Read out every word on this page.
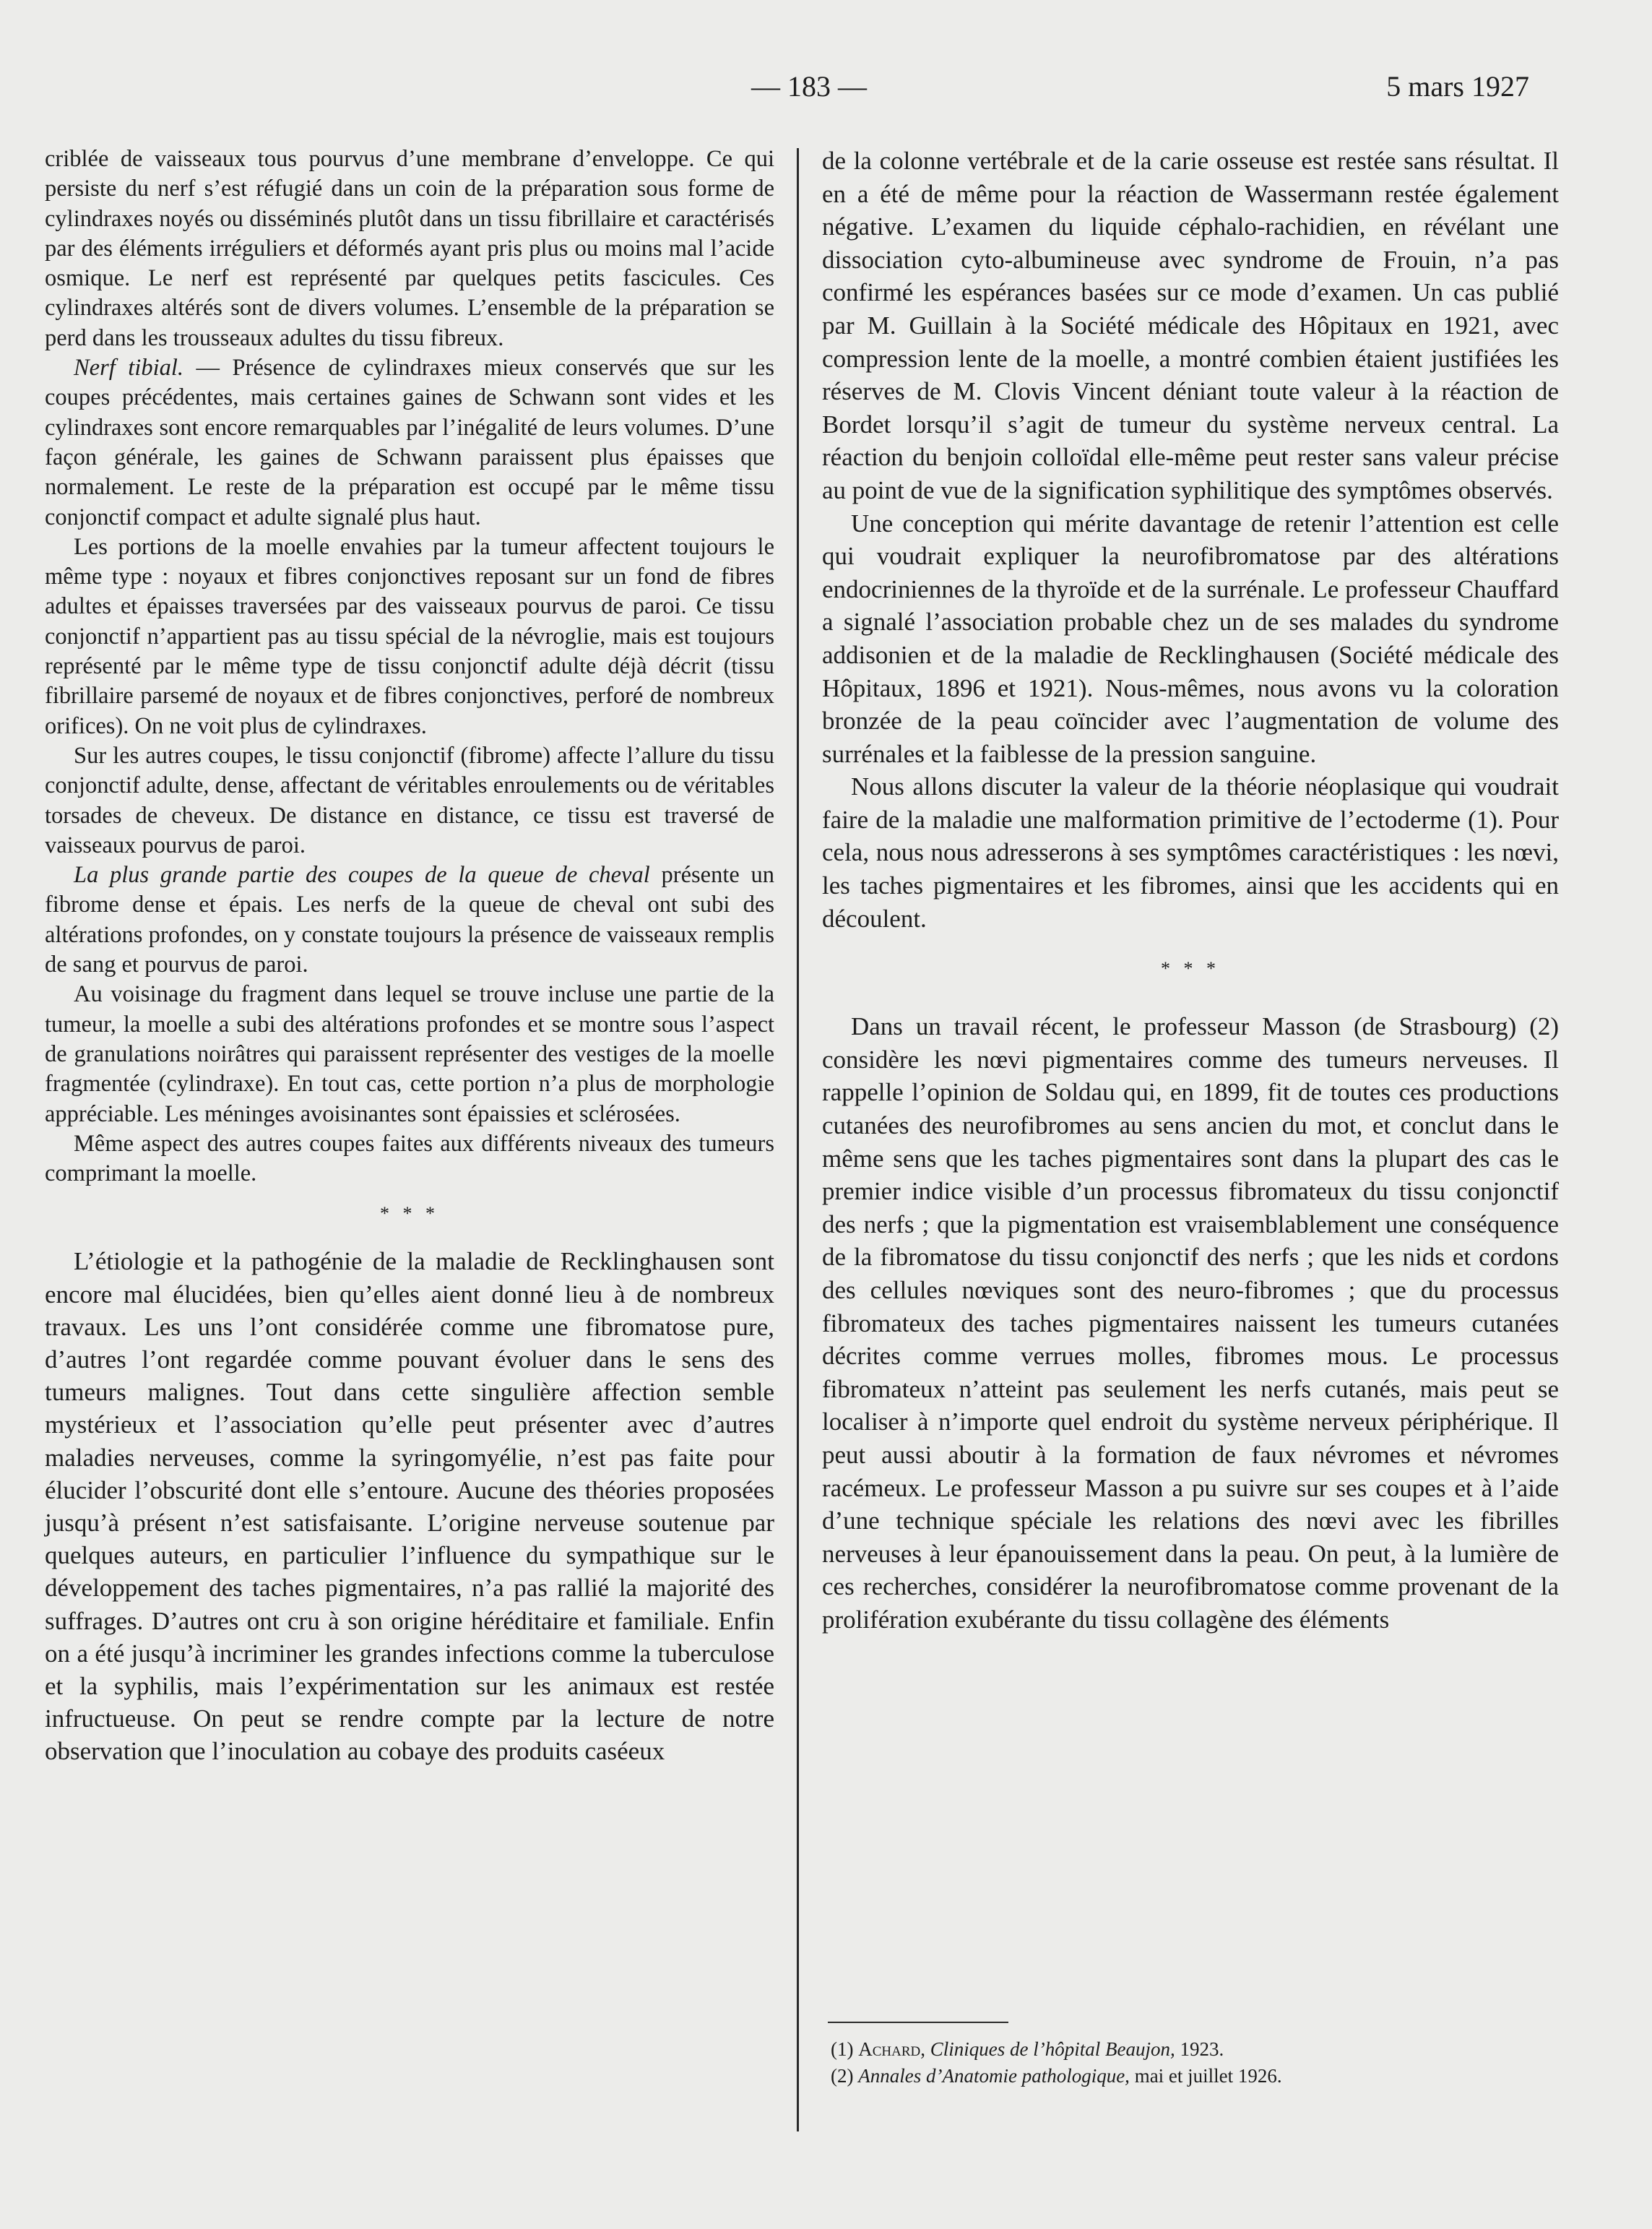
— 183 —	5 mars 1927

criblée de vaisseaux tous pourvus d’une membrane d’enveloppe. Ce qui persiste du nerf s’est réfugié dans un coin de la préparation sous forme de cylindraxes noyés ou disséminés plutôt dans un tissu fibrillaire et caractérisés par des éléments irréguliers et déformés ayant pris plus ou moins mal l’acide osmique. Le nerf est représenté par quelques petits fascicules. Ces cylindraxes altérés sont de divers volumes. L’ensemble de la préparation se perd dans les trousseaux adultes du tissu fibreux.

Nerf tibial. — Présence de cylindraxes mieux conservés que sur les coupes précédentes, mais certaines gaines de Schwann sont vides et les cylindraxes sont encore remarquables par l’inégalité de leurs volumes. D’une façon générale, les gaines de Schwann paraissent plus épaisses que normalement. Le reste de la préparation est occupé par le même tissu conjonctif compact et adulte signalé plus haut.

Les portions de la moelle envahies par la tumeur affectent toujours le même type : noyaux et fibres conjonctives reposant sur un fond de fibres adultes et épaisses traversées par des vaisseaux pourvus de paroi. Ce tissu conjonctif n’appartient pas au tissu spécial de la névroglie, mais est toujours représenté par le même type de tissu conjonctif adulte déjà décrit (tissu fibrillaire parsemé de noyaux et de fibres conjonctives, perforé de nombreux orifices). On ne voit plus de cylindraxes.

Sur les autres coupes, le tissu conjonctif (fibrome) affecte l’allure du tissu conjonctif adulte, dense, affectant de véritables enroulements ou de véritables torsades de cheveux. De distance en distance, ce tissu est traversé de vaisseaux pourvus de paroi.

La plus grande partie des coupes de la queue de cheval présente un fibrome dense et épais. Les nerfs de la queue de cheval ont subi des altérations profondes, on y constate toujours la présence de vaisseaux remplis de sang et pourvus de paroi.

Au voisinage du fragment dans lequel se trouve incluse une partie de la tumeur, la moelle a subi des altérations profondes et se montre sous l’aspect de granulations noirâtres qui paraissent représenter des vestiges de la moelle fragmentée (cylindraxe). En tout cas, cette portion n’a plus de morphologie appréciable. Les méninges avoisinantes sont épaissies et sclérosées.

Même aspect des autres coupes faites aux différents niveaux des tumeurs comprimant la moelle.

* * *

L’étiologie et la pathogénie de la maladie de Recklinghausen sont encore mal élucidées, bien qu’elles aient donné lieu à de nombreux travaux. Les uns l’ont considérée comme une fibromatose pure, d’autres l’ont regardée comme pouvant évoluer dans le sens des tumeurs malignes. Tout dans cette singulière affection semble mystérieux et l’association qu’elle peut présenter avec d’autres maladies nerveuses, comme la syringomyélie, n’est pas faite pour élucider l’obscurité dont elle s’entoure. Aucune des théories proposées jusqu’à présent n’est satisfaisante. L’origine nerveuse soutenue par quelques auteurs, en particulier l’influence du sympathique sur le développement des taches pigmentaires, n’a pas rallié la majorité des suffrages. D’autres ont cru à son origine héréditaire et familiale. Enfin on a été jusqu’à incriminer les grandes infections comme la tuberculose et la syphilis, mais l’expérimentation sur les animaux est restée infructueuse. On peut se rendre compte par la lecture de notre observation que l’inoculation au cobaye des produits caséeux

de la colonne vertébrale et de la carie osseuse est restée sans résultat. Il en a été de même pour la réaction de Wassermann restée également négative. L’examen du liquide céphalo-rachidien, en révélant une dissociation cyto-albumineuse avec syndrome de Frouin, n’a pas confirmé les espérances basées sur ce mode d’examen. Un cas publié par M. Guillain à la Société médicale des Hôpitaux en 1921, avec compression lente de la moelle, a montré combien étaient justifiées les réserves de M. Clovis Vincent déniant toute valeur à la réaction de Bordet lorsqu’il s’agit de tumeur du système nerveux central. La réaction du benjoin colloïdal elle-même peut rester sans valeur précise au point de vue de la signification syphilitique des symptômes observés.

Une conception qui mérite davantage de retenir l’attention est celle qui voudrait expliquer la neurofibromatose par des altérations endocriniennes de la thyroïde et de la surrénale. Le professeur Chauffard a signalé l’association probable chez un de ses malades du syndrome addisonien et de la maladie de Recklinghausen (Société médicale des Hôpitaux, 1896 et 1921). Nous-mêmes, nous avons vu la coloration bronzée de la peau coïncider avec l’augmentation de volume des surrénales et la faiblesse de la pression sanguine.

Nous allons discuter la valeur de la théorie néoplasique qui voudrait faire de la maladie une malformation primitive de l’ectoderme (1). Pour cela, nous nous adresserons à ses symptômes caractéristiques : les nœvi, les taches pigmentaires et les fibromes, ainsi que les accidents qui en découlent.

* * *

Dans un travail récent, le professeur Masson (de Strasbourg) (2) considère les nœvi pigmentaires comme des tumeurs nerveuses. Il rappelle l’opinion de Soldau qui, en 1899, fit de toutes ces productions cutanées des neurofibromes au sens ancien du mot, et conclut dans le même sens que les taches pigmentaires sont dans la plupart des cas le premier indice visible d’un processus fibromateux du tissu conjonctif des nerfs ; que la pigmentation est vraisemblablement une conséquence de la fibromatose du tissu conjonctif des nerfs ; que les nids et cordons des cellules nœviques sont des neuro-fibromes ; que du processus fibromateux des taches pigmentaires naissent les tumeurs cutanées décrites comme verrues molles, fibromes mous. Le processus fibromateux n’atteint pas seulement les nerfs cutanés, mais peut se localiser à n’importe quel endroit du système nerveux périphérique. Il peut aussi aboutir à la formation de faux névromes et névromes racémeux. Le professeur Masson a pu suivre sur ses coupes et à l’aide d’une technique spéciale les relations des nœvi avec les fibrilles nerveuses à leur épanouissement dans la peau. On peut, à la lumière de ces recherches, considérer la neurofibromatose comme provenant de la prolifération exubérante du tissu collagène des éléments

(1) Achard, Cliniques de l’hôpital Beaujon, 1923.

(2) Annales d’Anatomie pathologique, mai et juillet 1926.
